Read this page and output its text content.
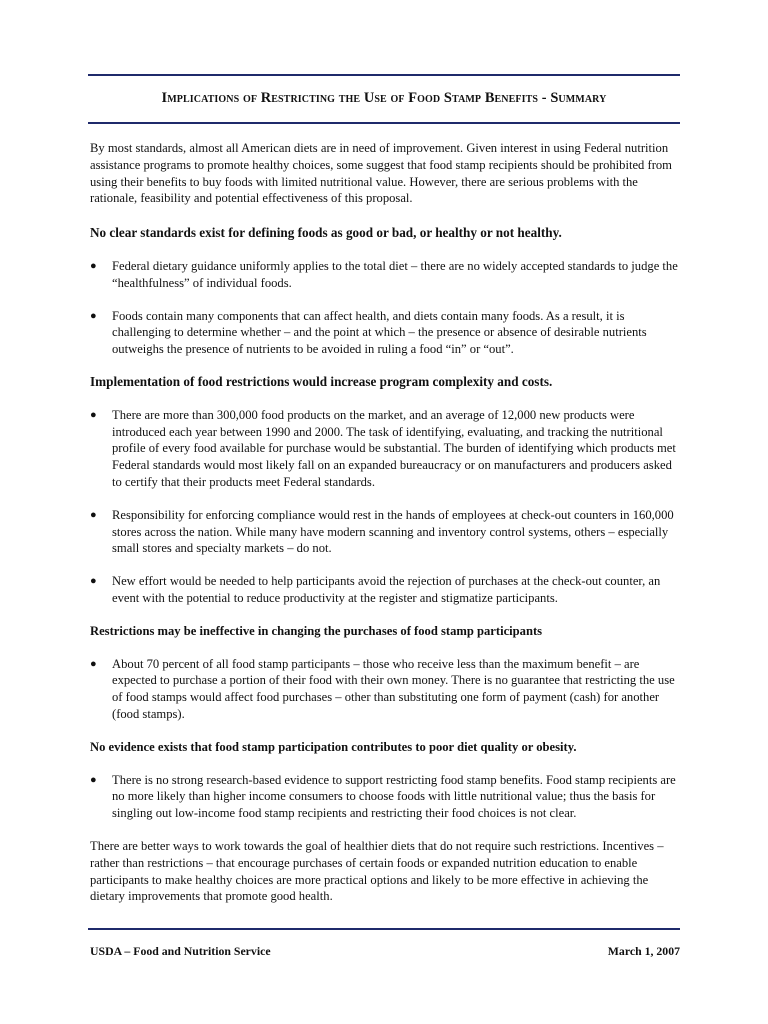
Implications of Restricting the Use of Food Stamp Benefits - Summary

By most standards, almost all American diets are in need of improvement. Given interest in using Federal nutrition assistance programs to promote healthy choices, some suggest that food stamp recipients should be prohibited from using their benefits to buy foods with limited nutritional value. However, there are serious problems with the rationale, feasibility and potential effectiveness of this proposal.

No clear standards exist for defining foods as good or bad, or healthy or not healthy.

● Federal dietary guidance uniformly applies to the total diet – there are no widely accepted standards to judge the “healthfulness” of individual foods.
● Foods contain many components that can affect health, and diets contain many foods. As a result, it is challenging to determine whether – and the point at which – the presence or absence of desirable nutrients outweighs the presence of nutrients to be avoided in ruling a food “in” or “out”.

Implementation of food restrictions would increase program complexity and costs.

● There are more than 300,000 food products on the market, and an average of 12,000 new products were introduced each year between 1990 and 2000. The task of identifying, evaluating, and tracking the nutritional profile of every food available for purchase would be substantial. The burden of identifying which products met Federal standards would most likely fall on an expanded bureaucracy or on manufacturers and producers asked to certify that their products meet Federal standards.
● Responsibility for enforcing compliance would rest in the hands of employees at check-out counters in 160,000 stores across the nation. While many have modern scanning and inventory control systems, others – especially small stores and specialty markets – do not.
● New effort would be needed to help participants avoid the rejection of purchases at the check-out counter, an event with the potential to reduce productivity at the register and stigmatize participants.

Restrictions may be ineffective in changing the purchases of food stamp participants

● About 70 percent of all food stamp participants – those who receive less than the maximum benefit – are expected to purchase a portion of their food with their own money. There is no guarantee that restricting the use of food stamps would affect food purchases – other than substituting one form of payment (cash) for another (food stamps).

No evidence exists that food stamp participation contributes to poor diet quality or obesity.

● There is no strong research-based evidence to support restricting food stamp benefits. Food stamp recipients are no more likely than higher income consumers to choose foods with little nutritional value; thus the basis for singling out low-income food stamp recipients and restricting their food choices is not clear.

There are better ways to work towards the goal of healthier diets that do not require such restrictions. Incentives – rather than restrictions – that encourage purchases of certain foods or expanded nutrition education to enable participants to make healthy choices are more practical options and likely to be more effective in achieving the dietary improvements that promote good health.

USDA – Food and Nutrition Service	March 1, 2007
